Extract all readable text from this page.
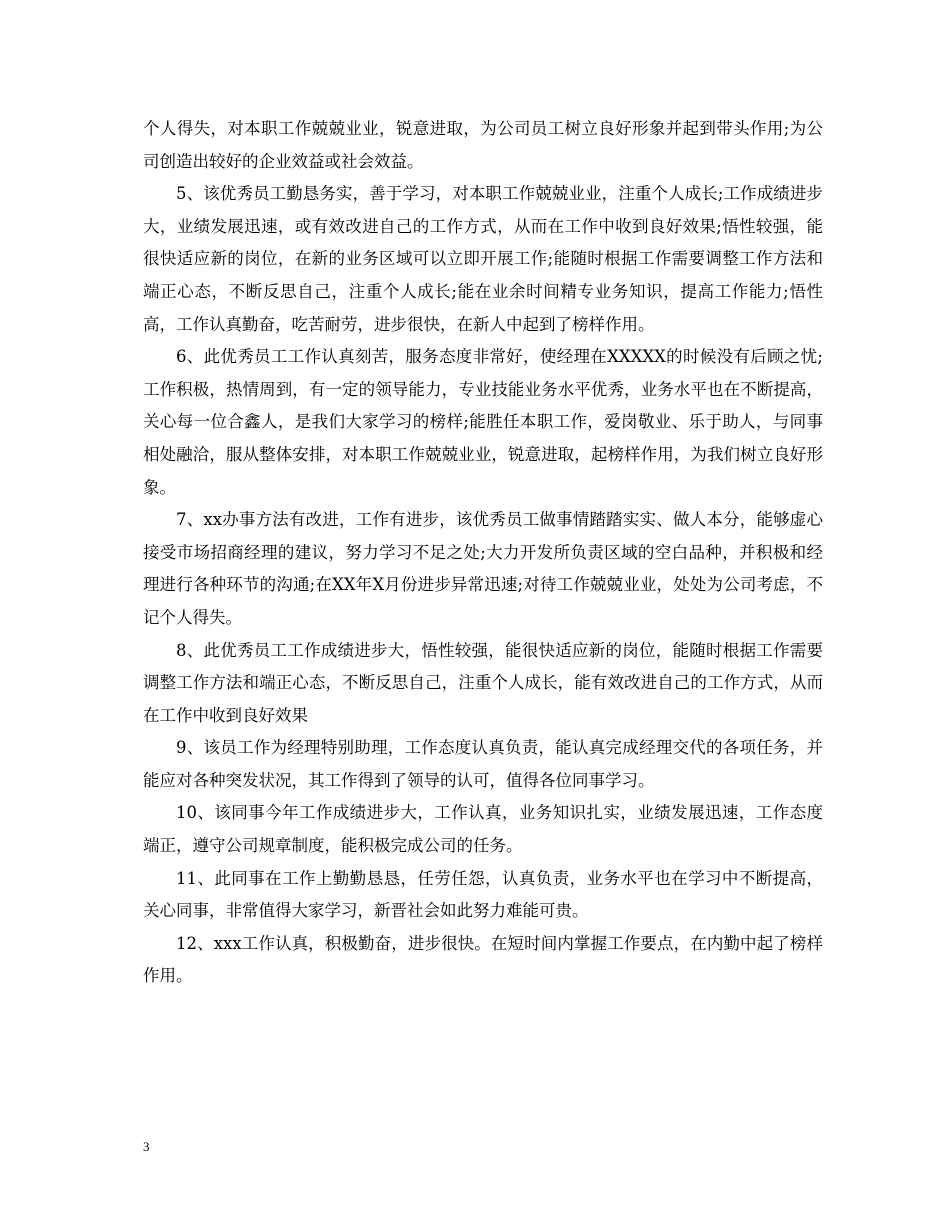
个人得失，对本职工作兢兢业业，锐意进取，为公司员工树立良好形象并起到带头作用;为公司创造出较好的企业效益或社会效益。

5、该优秀员工勤恳务实，善于学习，对本职工作兢兢业业，注重个人成长;工作成绩进步大，业绩发展迅速，或有效改进自己的工作方式，从而在工作中收到良好效果;悟性较强，能很快适应新的岗位，在新的业务区域可以立即开展工作;能随时根据工作需要调整工作方法和端正心态，不断反思自己，注重个人成长;能在业余时间精专业务知识，提高工作能力;悟性高，工作认真勤奋，吃苦耐劳，进步很快，在新人中起到了榜样作用。

6、此优秀员工工作认真刻苦，服务态度非常好，使经理在XXXXX的时候没有后顾之忧;工作积极，热情周到，有一定的领导能力，专业技能业务水平优秀，业务水平也在不断提高，关心每一位合鑫人，是我们大家学习的榜样;能胜任本职工作，爱岗敬业、乐于助人，与同事相处融洽，服从整体安排，对本职工作兢兢业业，锐意进取，起榜样作用，为我们树立良好形象。

7、xx办事方法有改进，工作有进步，该优秀员工做事情踏踏实实、做人本分，能够虚心接受市场招商经理的建议，努力学习不足之处;大力开发所负责区域的空白品种，并积极和经理进行各种环节的沟通;在XX年X月份进步异常迅速;对待工作兢兢业业，处处为公司考虑，不记个人得失。

8、此优秀员工工作成绩进步大，悟性较强，能很快适应新的岗位，能随时根据工作需要调整工作方法和端正心态，不断反思自己，注重个人成长，能有效改进自己的工作方式，从而在工作中收到良好效果

9、该员工作为经理特别助理，工作态度认真负责，能认真完成经理交代的各项任务，并能应对各种突发状况，其工作得到了领导的认可，值得各位同事学习。

10、该同事今年工作成绩进步大，工作认真，业务知识扎实，业绩发展迅速，工作态度端正，遵守公司规章制度，能积极完成公司的任务。

11、此同事在工作上勤勤恳恳，任劳任怨，认真负责，业务水平也在学习中不断提高，关心同事，非常值得大家学习，新晋社会如此努力难能可贵。

12、xxx工作认真，积极勤奋，进步很快。在短时间内掌握工作要点，在内勤中起了榜样作用。

3
